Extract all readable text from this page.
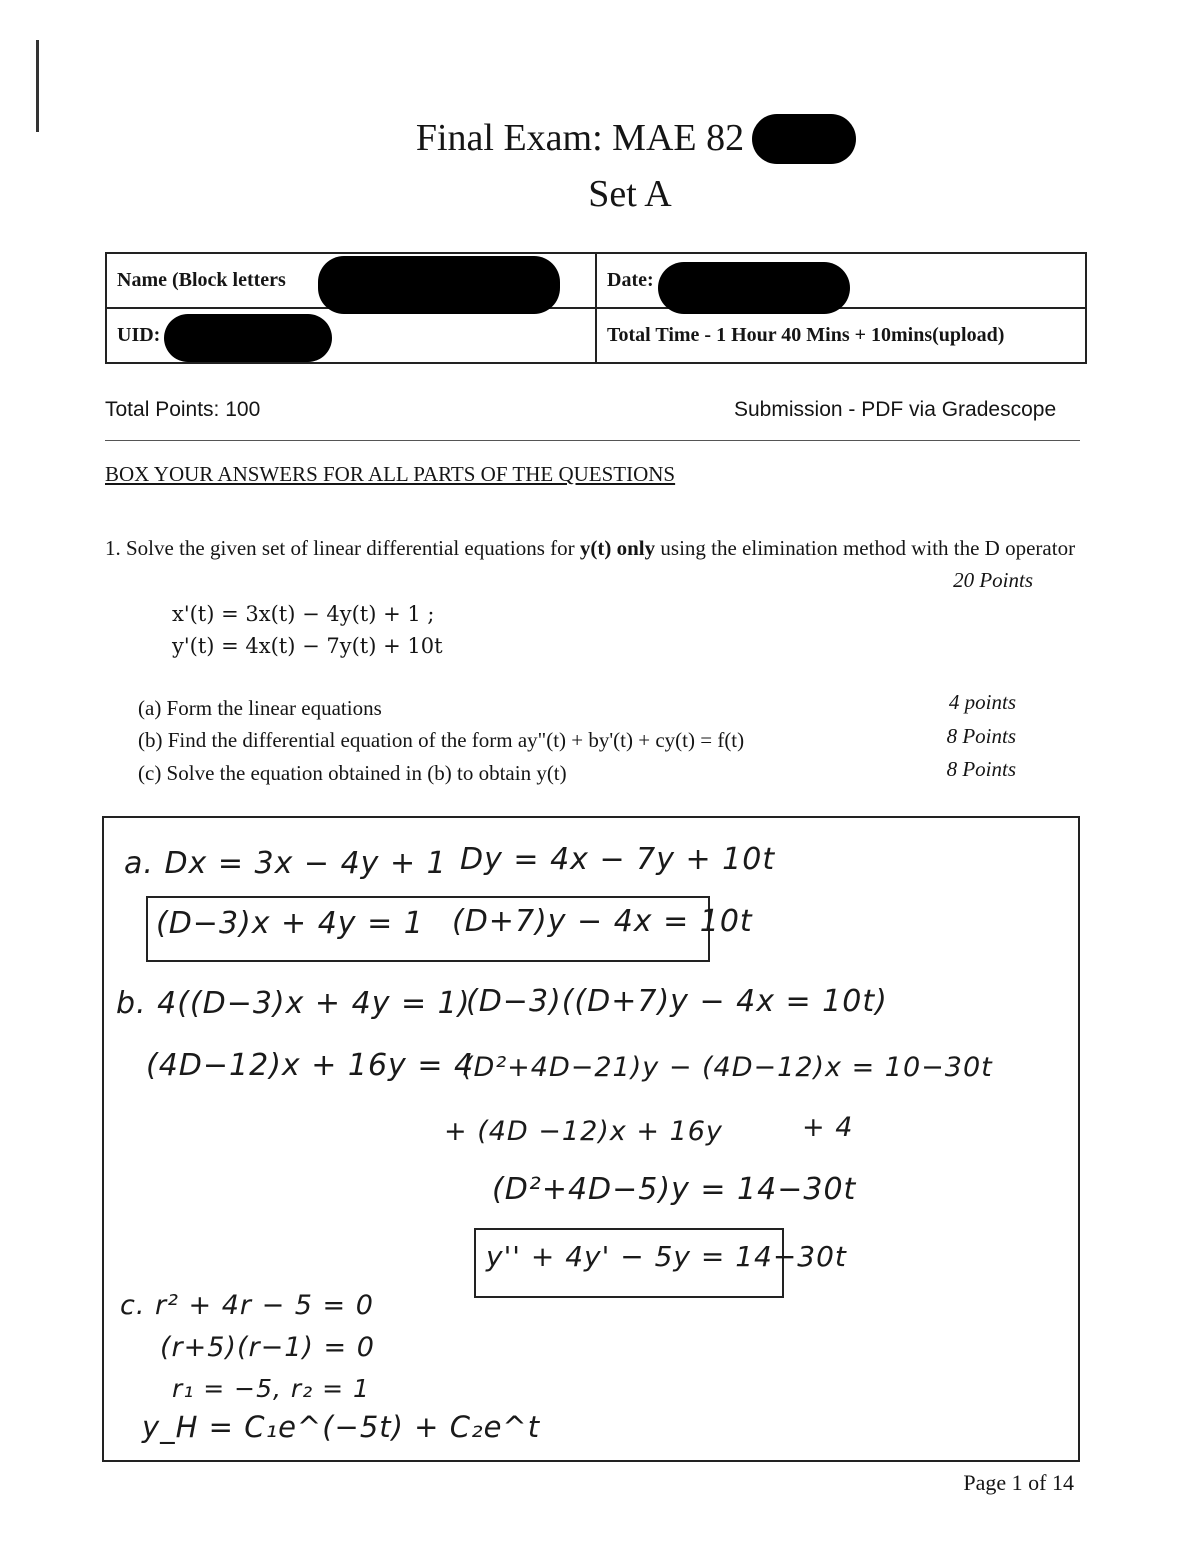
Final Exam: MAE 82
Set A
Name (Block letters	Date:
UID:	Total Time - 1 Hour 40 Mins + 10mins(upload)
Total Points: 100	Submission - PDF via Gradescope
BOX YOUR ANSWERS FOR ALL PARTS OF THE QUESTIONS
1. Solve the given set of linear differential equations for y(t) only using the elimination method with the D operator
20 Points
x'(t) = 3x(t) − 4y(t) + 1 ;
y'(t) = 4x(t) − 7y(t) + 10t
(a) Form the linear equations	4 points
(b) Find the differential equation of the form ay"(t) + by'(t) + cy(t) = f(t)	8 Points
(c) Solve the equation obtained in (b) to obtain y(t)	8 Points
a. Dx = 3x − 4y + 1 Dy = 4x − 7y + 10t
(D−3)x + 4y = 1 (D+7)y − 4x = 10t
b. 4((D−3)x + 4y = 1)
(D−3)((D+7)y − 4x = 10t)
(4D−12)x + 16y = 4
(D²+4D−21)y − (4D−12)x = 10−30t
+ (4D −12)x + 16y	+ 4
(D²+4D−5)y = 14−30t
y'' + 4y' − 5y = 14−30t
c. r² + 4r − 5 = 0
(r+5)(r−1) = 0
r₁ = −5, r₂ = 1
y_H = C₁e^(−5t) + C₂e^t
Page 1 of 14
